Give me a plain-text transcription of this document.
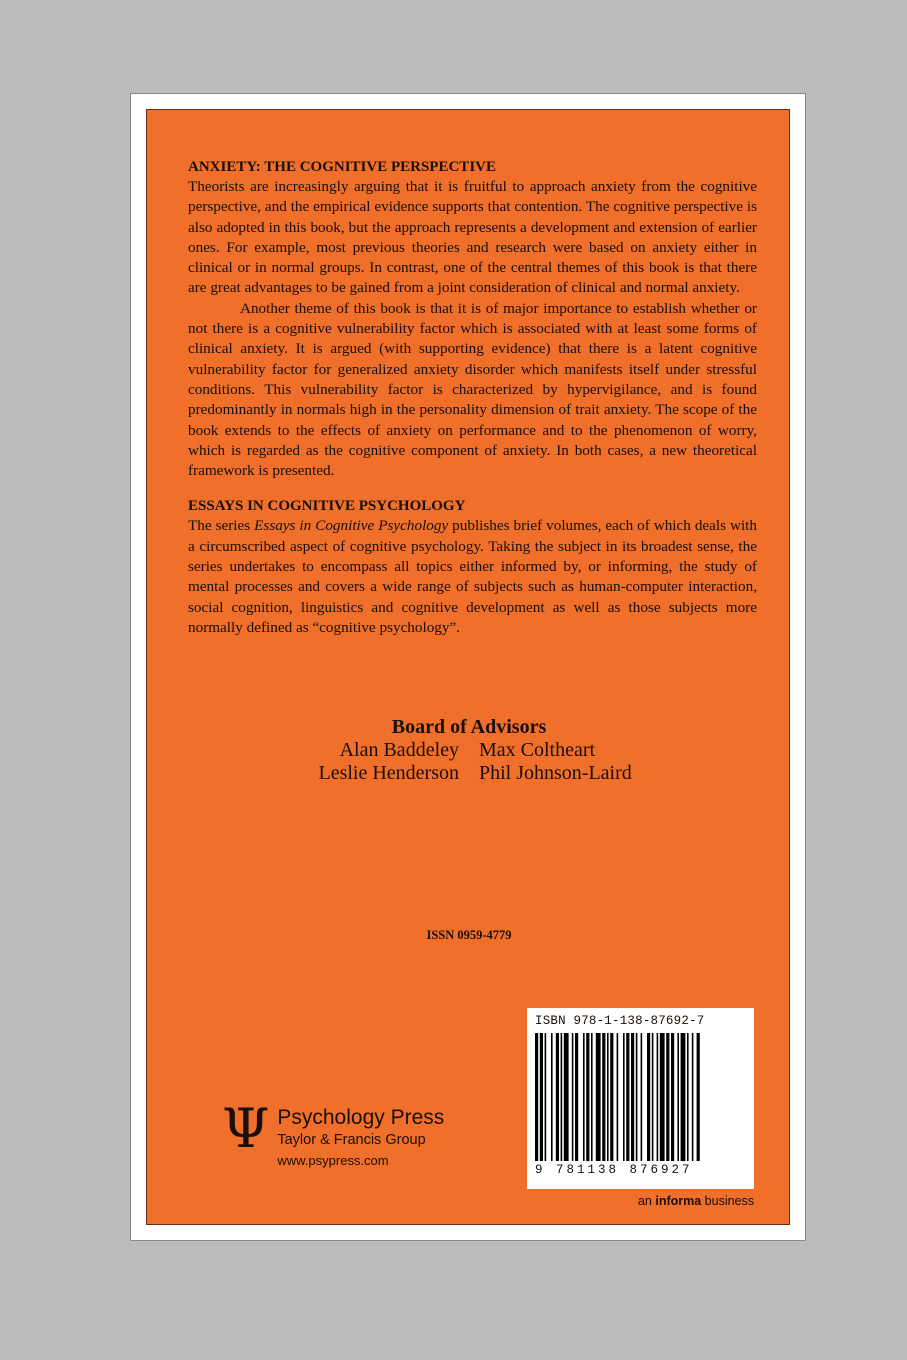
ANXIETY: THE COGNITIVE PERSPECTIVE

Theorists are increasingly arguing that it is fruitful to approach anxiety from the cognitive perspective, and the empirical evidence supports that contention. The cognitive perspective is also adopted in this book, but the approach represents a development and extension of earlier ones. For example, most previous theories and research were based on anxiety either in clinical or in normal groups. In contrast, one of the central themes of this book is that there are great advantages to be gained from a joint consideration of clinical and normal anxiety.

Another theme of this book is that it is of major importance to establish whether or not there is a cognitive vulnerability factor which is associated with at least some forms of clinical anxiety. It is argued (with supporting evidence) that there is a latent cognitive vulnerability factor for generalized anxiety disorder which manifests itself under stressful conditions. This vulnerability factor is characterized by hypervigilance, and is found predominantly in normals high in the personality dimension of trait anxiety. The scope of the book extends to the effects of anxiety on performance and to the phenomenon of worry, which is regarded as the cognitive component of anxiety. In both cases, a new theoretical framework is presented.

ESSAYS IN COGNITIVE PSYCHOLOGY

The series Essays in Cognitive Psychology publishes brief volumes, each of which deals with a circumscribed aspect of cognitive psychology. Taking the subject in its broadest sense, the series undertakes to encompass all topics either informed by, or informing, the study of mental processes and covers a wide range of subjects such as human-computer interaction, social cognition, linguistics and cognitive development as well as those subjects more normally defined as “cognitive psychology”.

Board of Advisors
Alan Baddeley Max Coltheart
Leslie Henderson Phil Johnson-Laird
ISSN 0959-4779
Ψ Psychology Press
Taylor & Francis Group
www.psypress.com
ISBN 978-1-138-87692-7
9 781138 876927
an informa business
